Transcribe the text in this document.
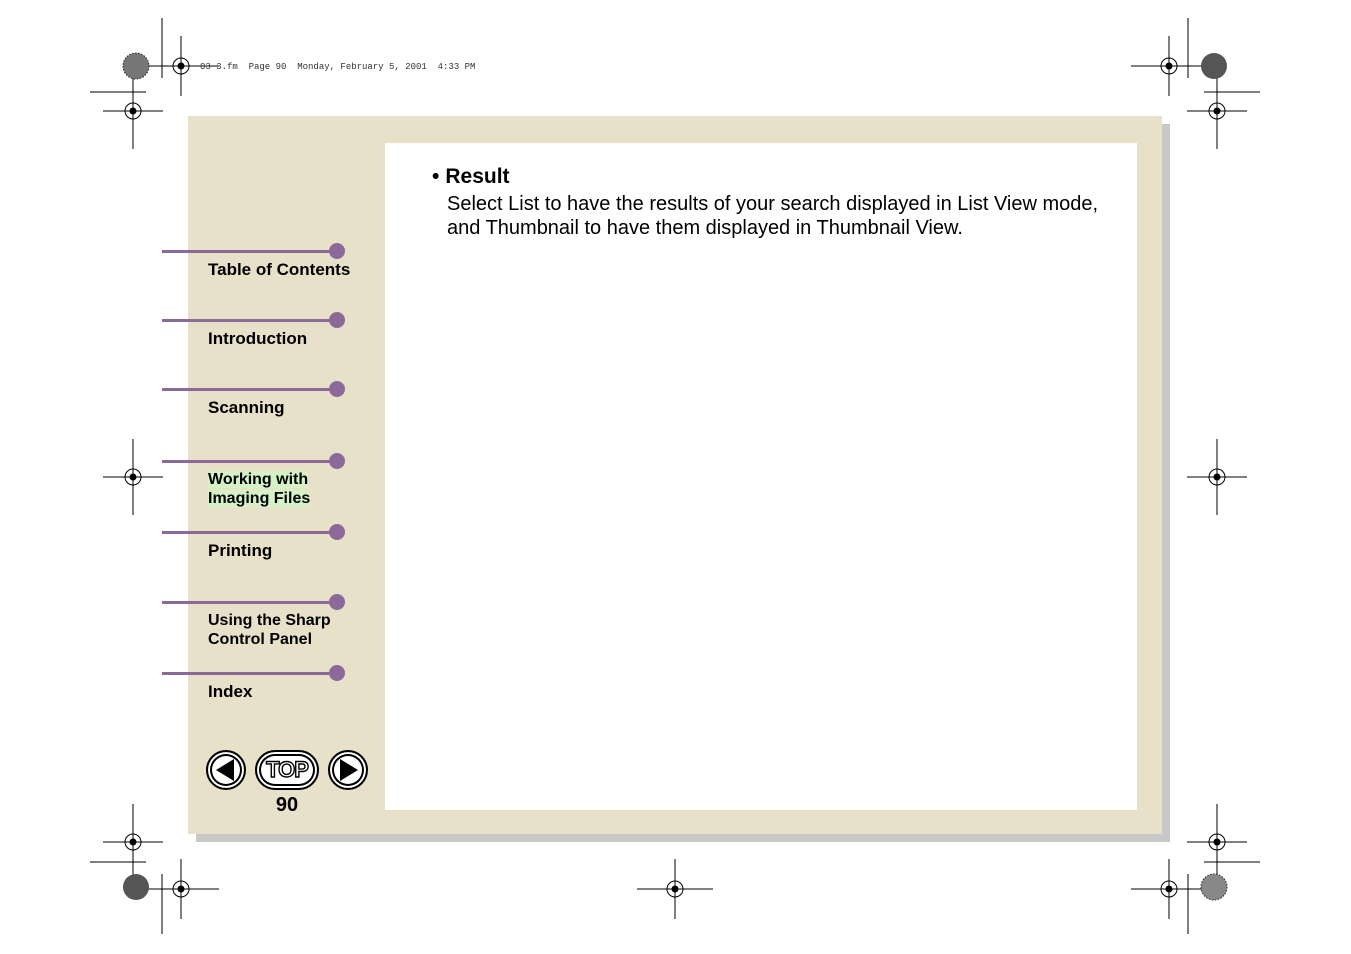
03-3.fm  Page 90  Monday, February 5, 2001  4:33 PM
Table of Contents
Introduction
Scanning
Working with
Imaging Files
Printing
Using the Sharp
Control Panel
Index
TOP
90
• Result
Select List to have the results of your search displayed in List View mode, and Thumbnail to have them displayed in Thumbnail View.
